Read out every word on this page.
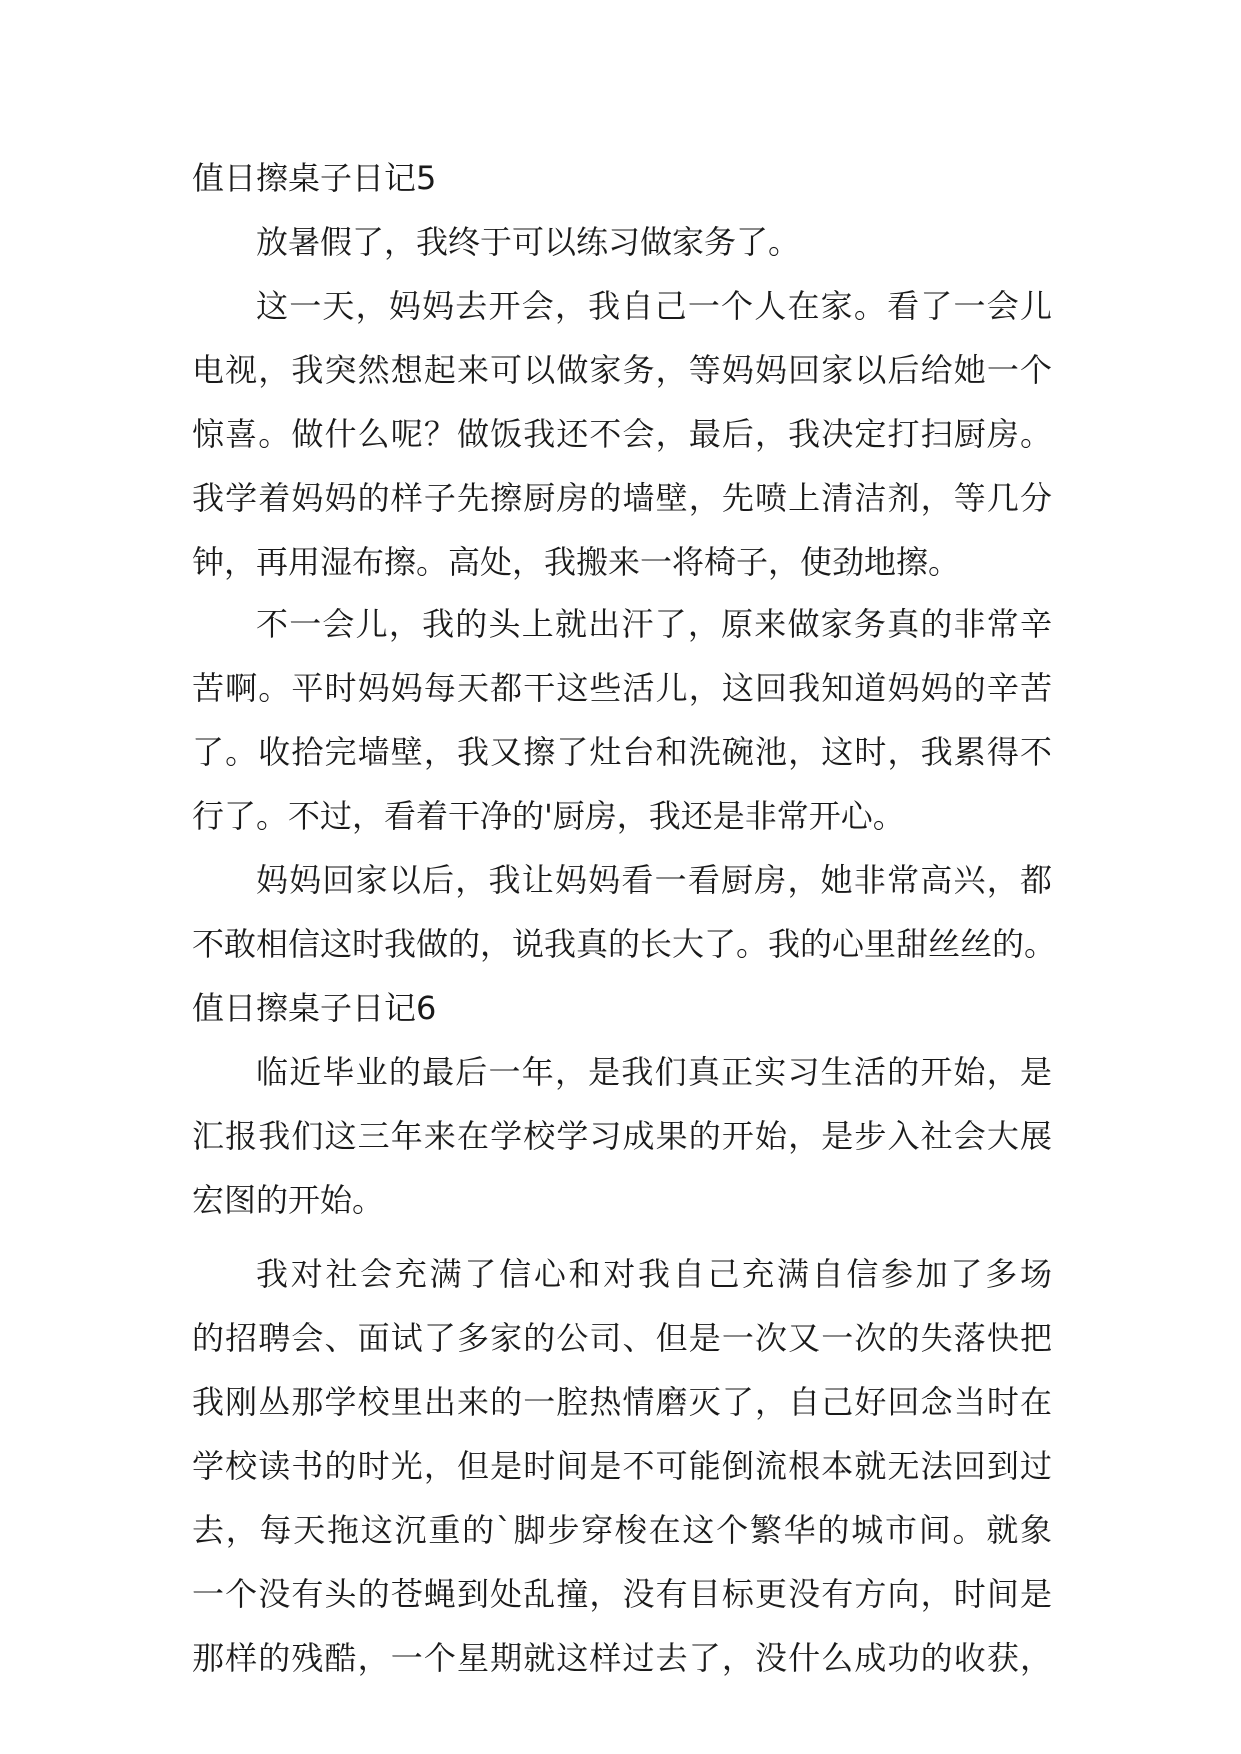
值日擦桌子日记5
放暑假了，我终于可以练习做家务了。
这一天，妈妈去开会，我自己一个人在家。看了一会儿
电视，我突然想起来可以做家务，等妈妈回家以后给她一个
惊喜。做什么呢？做饭我还不会，最后，我决定打扫厨房。
我学着妈妈的样子先擦厨房的墙壁，先喷上清洁剂，等几分
钟，再用湿布擦。高处，我搬来一将椅子，使劲地擦。
不一会儿，我的头上就出汗了，原来做家务真的非常辛
苦啊。平时妈妈每天都干这些活儿，这回我知道妈妈的辛苦
了。收拾完墙壁，我又擦了灶台和洗碗池，这时，我累得不
行了。不过，看着干净的'厨房，我还是非常开心。
妈妈回家以后，我让妈妈看一看厨房，她非常高兴，都
不敢相信这时我做的，说我真的长大了。我的心里甜丝丝的。
值日擦桌子日记6
临近毕业的最后一年，是我们真正实习生活的开始，是
汇报我们这三年来在学校学习成果的开始，是步入社会大展
宏图的开始。
我对社会充满了信心和对我自己充满自信参加了多场
的招聘会、面试了多家的公司、但是一次又一次的失落快把
我刚丛那学校里出来的一腔热情磨灭了，自己好回念当时在
学校读书的时光，但是时间是不可能倒流根本就无法回到过
去，每天拖这沉重的`脚步穿梭在这个繁华的城市间。就象
一个没有头的苍蝇到处乱撞，没有目标更没有方向，时间是
那样的残酷，一个星期就这样过去了，没什么成功的收获，
